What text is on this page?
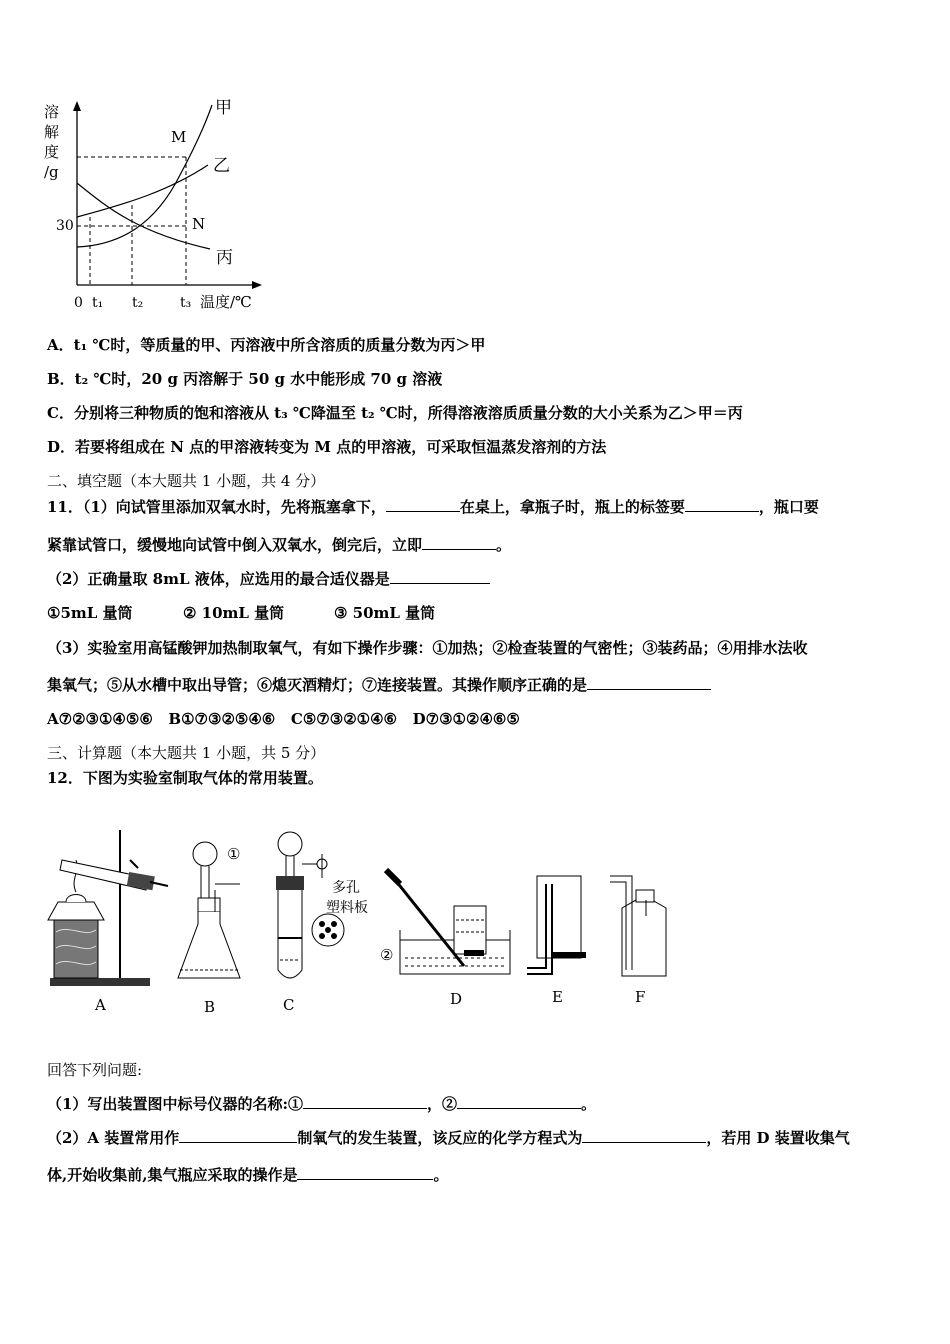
溶解度/g
甲
乙
丙
M
N
30
0 t₁ t₂	t₃ 温度/℃
A．t₁ ℃时，等质量的甲、丙溶液中所含溶质的质量分数为丙＞甲
B．t₂ ℃时，20 g 丙溶解于 50 g 水中能形成 70 g 溶液
C．分别将三种物质的饱和溶液从 t₃ ℃降温至 t₂ ℃时，所得溶液溶质质量分数的大小关系为乙＞甲＝丙
D．若要将组成在 N 点的甲溶液转变为 M 点的甲溶液，可采取恒温蒸发溶剂的方法
二、填空题（本大题共 1 小题，共 4 分）
11．（1）向试管里添加双氧水时，先将瓶塞拿下，	在桌上，拿瓶子时，瓶上的标签要	，瓶口要
紧靠试管口，缓慢地向试管中倒入双氧水，倒完后，立即	。
（2）正确量取 8mL 液体，应选用的最合适仪器是
①5mL 量筒	② 10mL 量筒	③ 50mL 量筒
（3）实验室用高锰酸钾加热制取氧气，有如下操作步骤：①加热；②检查装置的气密性；③装药品；④用排水法收
集氧气；⑤从水槽中取出导管；⑥熄灭酒精灯；⑦连接装置。其操作顺序正确的是
A⑦②③①④⑤⑥   B①⑦③②⑤④⑥   C⑤⑦③②①④⑥   D⑦③①②④⑥⑤
三、计算题（本大题共 1 小题，共 5 分）
12．下图为实验室制取气体的常用装置。
A
①
B
多孔
塑料板
C
②
D	E	F
回答下列问题:
（1）写出装置图中标号仪器的名称:①	，②	。
（2）A 装置常用作	制氧气的发生装置，该反应的化学方程式为	，若用 D 装置收集气
体,开始收集前,集气瓶应采取的操作是	。
